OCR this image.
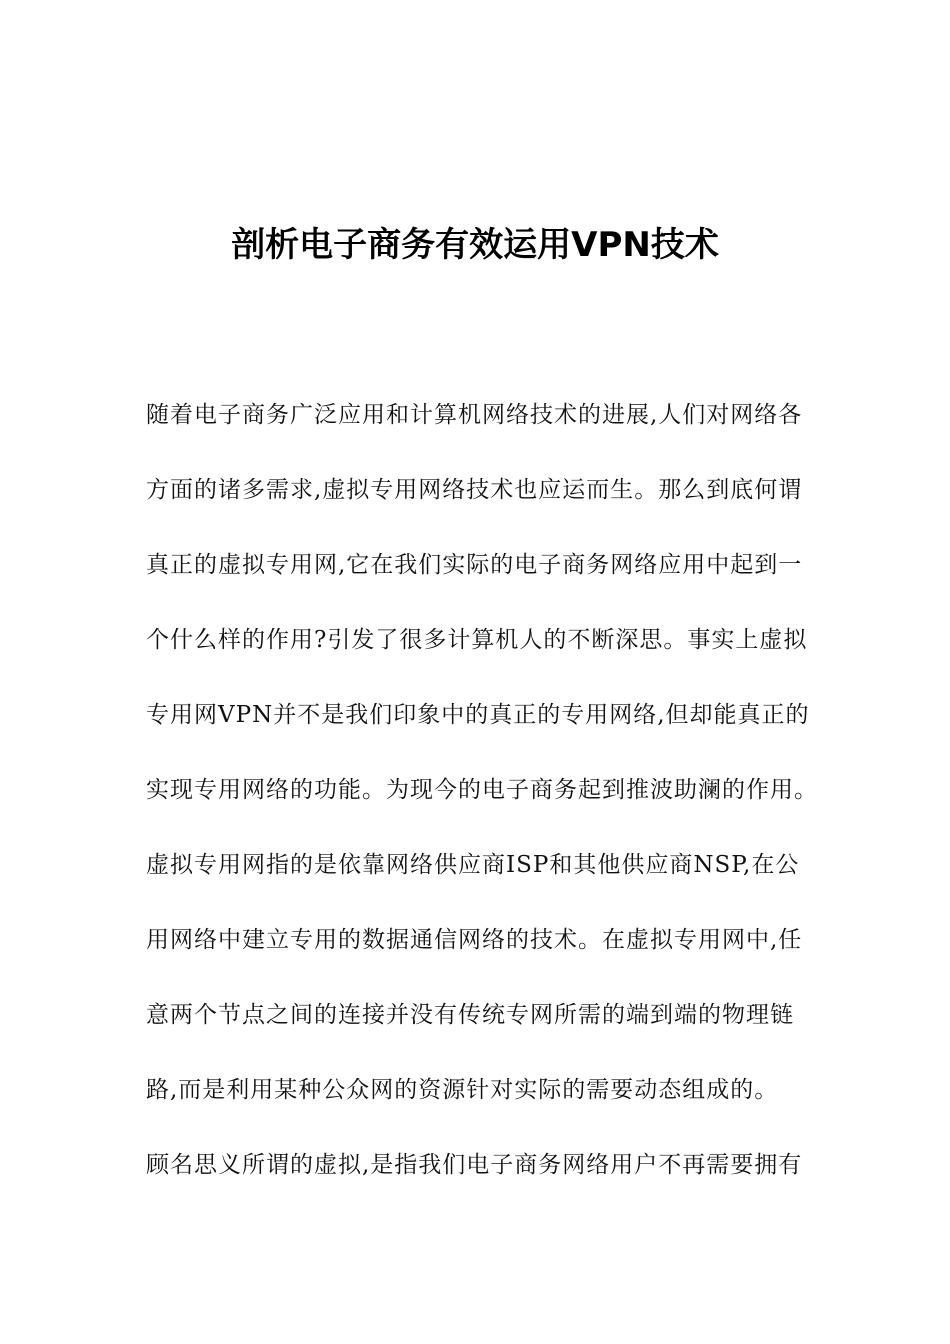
剖析电子商务有效运用VPN技术
随着电子商务广泛应用和计算机网络技术的进展,人们对网络各
方面的诸多需求,虚拟专用网络技术也应运而生。那么到底何谓
真正的虚拟专用网,它在我们实际的电子商务网络应用中起到一
个什么样的作用?引发了很多计算机人的不断深思。事实上虚拟
专用网VPN并不是我们印象中的真正的专用网络,但却能真正的
实现专用网络的功能。为现今的电子商务起到推波助澜的作用。
虚拟专用网指的是依靠网络供应商ISP和其他供应商NSP,在公
用网络中建立专用的数据通信网络的技术。在虚拟专用网中,任
意两个节点之间的连接并没有传统专网所需的端到端的物理链
路,而是利用某种公众网的资源针对实际的需要动态组成的。
顾名思义所谓的虚拟,是指我们电子商务网络用户不再需要拥有
